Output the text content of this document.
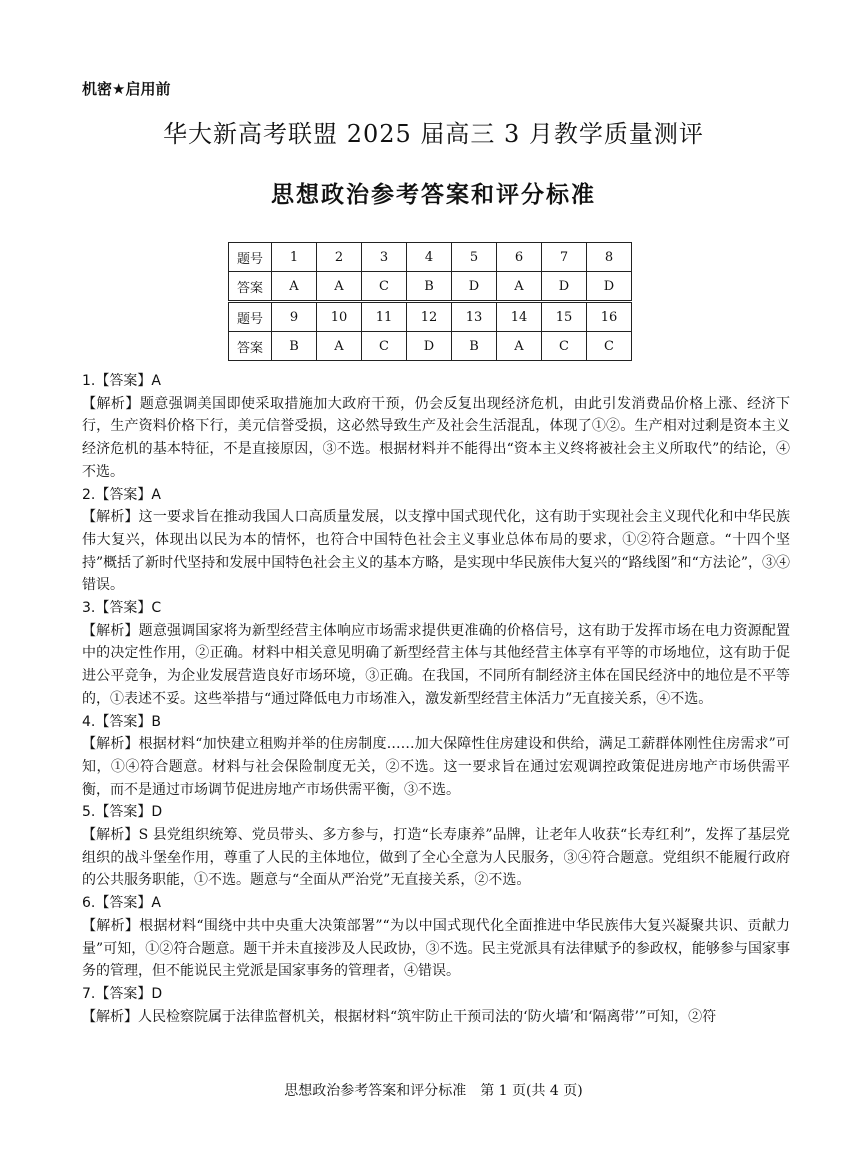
机密★启用前
华大新高考联盟 2025 届高三 3 月教学质量测评
思想政治参考答案和评分标准
题号	1	2	3	4	5	6	7	8
答案	A	A	C	B	D	A	D	D
题号	9	10	11	12	13	14	15	16
答案	B	A	C	D	B	A	C	C

1.【答案】A

【解析】题意强调美国即使采取措施加大政府干预，仍会反复出现经济危机，由此引发消费品价格上涨、经济下行，生产资料价格下行，美元信誉受损，这必然导致生产及社会生活混乱，体现了①②。生产相对过剩是资本主义经济危机的基本特征，不是直接原因，③不选。根据材料并不能得出“资本主义终将被社会主义所取代”的结论，④不选。

2.【答案】A

【解析】这一要求旨在推动我国人口高质量发展，以支撑中国式现代化，这有助于实现社会主义现代化和中华民族伟大复兴，体现出以民为本的情怀，也符合中国特色社会主义事业总体布局的要求，①②符合题意。“十四个坚持”概括了新时代坚持和发展中国特色社会主义的基本方略，是实现中华民族伟大复兴的“路线图”和“方法论”，③④错误。

3.【答案】C

【解析】题意强调国家将为新型经营主体响应市场需求提供更准确的价格信号，这有助于发挥市场在电力资源配置中的决定性作用，②正确。材料中相关意见明确了新型经营主体与其他经营主体享有平等的市场地位，这有助于促进公平竞争，为企业发展营造良好市场环境，③正确。在我国，不同所有制经济主体在国民经济中的地位是不平等的，①表述不妥。这些举措与“通过降低电力市场准入，激发新型经营主体活力”无直接关系，④不选。

4.【答案】B

【解析】根据材料“加快建立租购并举的住房制度……加大保障性住房建设和供给，满足工薪群体刚性住房需求”可知，①④符合题意。材料与社会保险制度无关，②不选。这一要求旨在通过宏观调控政策促进房地产市场供需平衡，而不是通过市场调节促进房地产市场供需平衡，③不选。

5.【答案】D

【解析】S 县党组织统筹、党员带头、多方参与，打造“长寿康养”品牌，让老年人收获“长寿红利”，发挥了基层党组织的战斗堡垒作用，尊重了人民的主体地位，做到了全心全意为人民服务，③④符合题意。党组织不能履行政府的公共服务职能，①不选。题意与“全面从严治党”无直接关系，②不选。

6.【答案】A

【解析】根据材料“围绕中共中央重大决策部署”“为以中国式现代化全面推进中华民族伟大复兴凝聚共识、贡献力量”可知，①②符合题意。题干并未直接涉及人民政协，③不选。民主党派具有法律赋予的参政权，能够参与国家事务的管理，但不能说民主党派是国家事务的管理者，④错误。

7.【答案】D

【解析】人民检察院属于法律监督机关，根据材料“筑牢防止干预司法的‘防火墙’和‘隔离带’”可知，②符

思想政治参考答案和评分标准　第 1 页(共 4 页)
